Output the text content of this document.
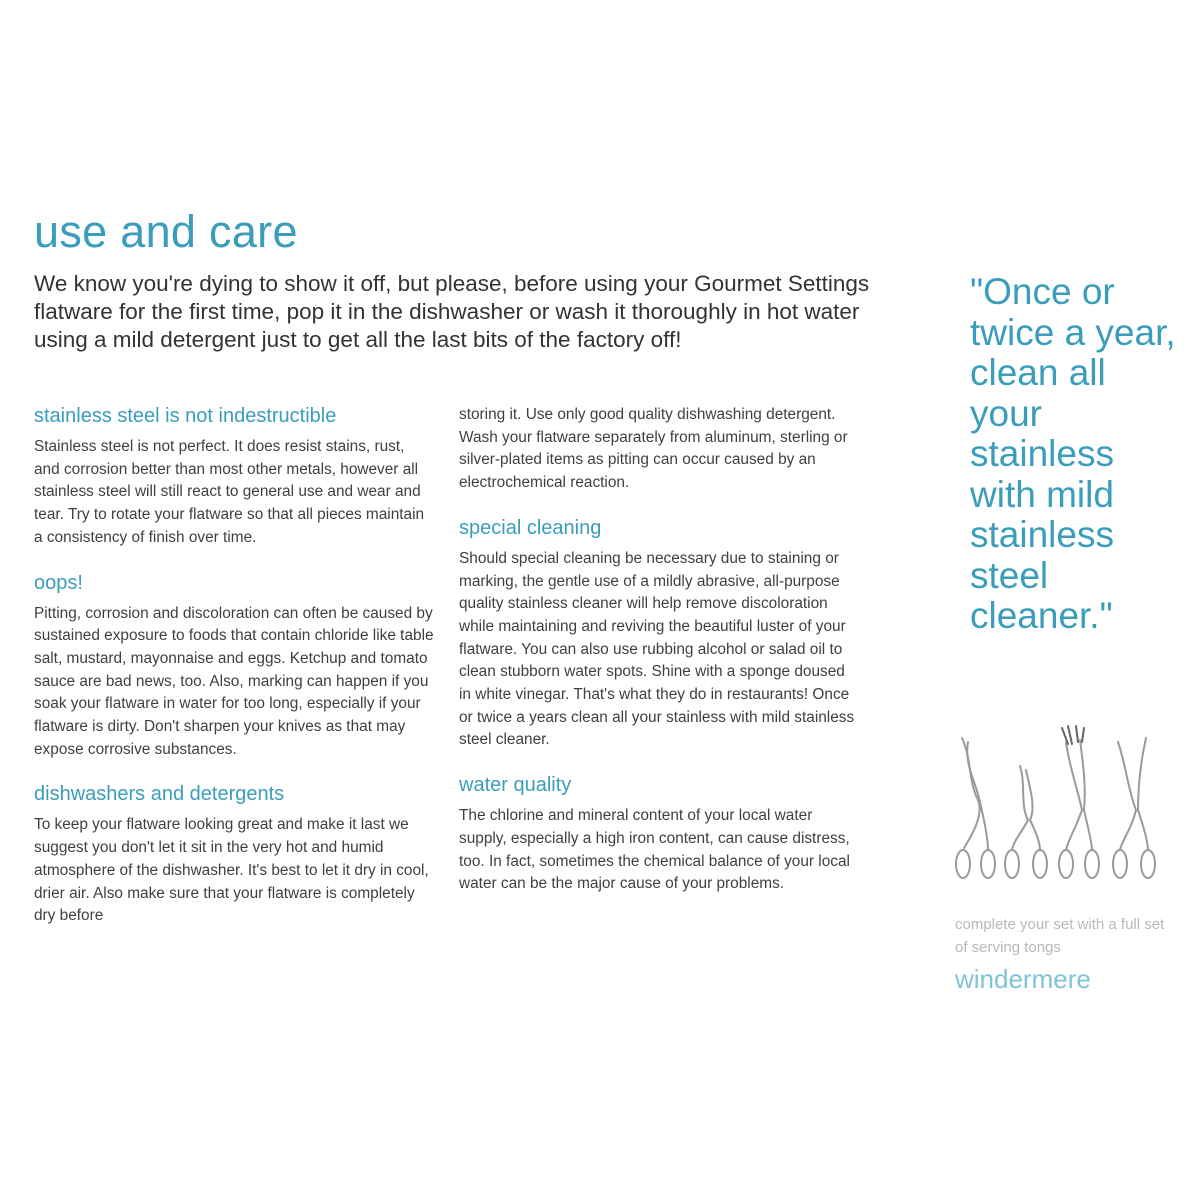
use and care

We know you're dying to show it off, but please, before using your Gourmet Settings flatware for the first time, pop it in the dishwasher or wash it thoroughly in hot water using a mild detergent just to get all the last bits of the factory off!

stainless steel is not indestructible

Stainless steel is not perfect. It does resist stains, rust, and corrosion better than most other metals, however all stainless steel will still react to general use and wear and tear. Try to rotate your flatware so that all pieces maintain a consistency of finish over time.

oops!

Pitting, corrosion and discoloration can often be caused by sustained exposure to foods that contain chloride like table salt, mustard, mayonnaise and eggs. Ketchup and tomato sauce are bad news, too. Also, marking can happen if you soak your flatware in water for too long, especially if your flatware is dirty. Don't sharpen your knives as that may expose corrosive substances.

dishwashers and detergents

To keep your flatware looking great and make it last we suggest you don't let it sit in the very hot and humid atmosphere of the dishwasher. It's best to let it dry in cool, drier air. Also make sure that your flatware is completely dry before

storing it. Use only good quality dishwashing detergent. Wash your flatware separately from aluminum, sterling or silver-plated items as pitting can occur caused by an electrochemical reaction.

special cleaning

Should special cleaning be necessary due to staining or marking, the gentle use of a mildly abrasive, all-purpose quality stainless cleaner will help remove discoloration while maintaining and reviving the beautiful luster of your flatware. You can also use rubbing alcohol or salad oil to clean stubborn water spots. Shine with a sponge doused in white vinegar. That's what they do in restaurants! Once or twice a years clean all your stainless with mild stainless steel cleaner.

water quality

The chlorine and mineral content of your local water supply, especially a high iron content, can cause distress, too. In fact, sometimes the chemical balance of your local water can be the major cause of your problems.

"Once or twice a year, clean all your stainless with mild stainless steel cleaner."

complete your set with a full set of serving tongs

windermere
